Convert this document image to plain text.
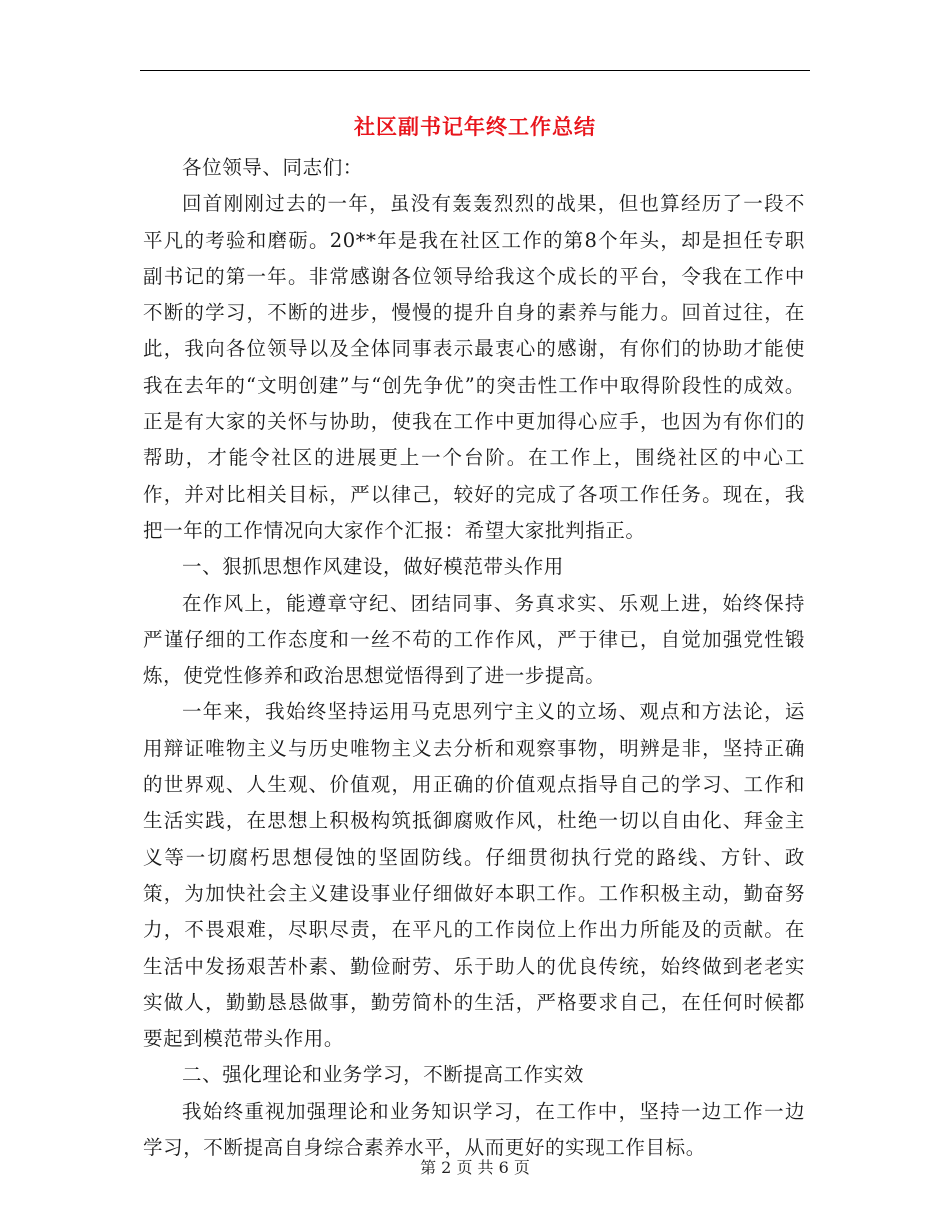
社区副书记年终工作总结

各位领导、同志们：

回首刚刚过去的一年，虽没有轰轰烈烈的战果，但也算经历了一段不平凡的考验和磨砺。20**年是我在社区工作的第8个年头，却是担任专职副书记的第一年。非常感谢各位领导给我这个成长的平台，令我在工作中不断的学习，不断的进步，慢慢的提升自身的素养与能力。回首过往，在此，我向各位领导以及全体同事表示最衷心的感谢，有你们的协助才能使我在去年的“文明创建”与“创先争优”的突击性工作中取得阶段性的成效。正是有大家的关怀与协助，使我在工作中更加得心应手，也因为有你们的帮助，才能令社区的进展更上一个台阶。在工作上，围绕社区的中心工作，并对比相关目标，严以律己，较好的完成了各项工作任务。现在，我把一年的工作情况向大家作个汇报：希望大家批判指正。

一、狠抓思想作风建设，做好模范带头作用

在作风上，能遵章守纪、团结同事、务真求实、乐观上进，始终保持严谨仔细的工作态度和一丝不苟的工作作风，严于律已，自觉加强党性锻炼，使党性修养和政治思想觉悟得到了进一步提高。

一年来，我始终坚持运用马克思列宁主义的立场、观点和方法论，运用辩证唯物主义与历史唯物主义去分析和观察事物，明辨是非，坚持正确的世界观、人生观、价值观，用正确的价值观点指导自己的学习、工作和生活实践，在思想上积极构筑抵御腐败作风，杜绝一切以自由化、拜金主义等一切腐朽思想侵蚀的坚固防线。仔细贯彻执行党的路线、方针、政策，为加快社会主义建设事业仔细做好本职工作。工作积极主动，勤奋努力，不畏艰难，尽职尽责，在平凡的工作岗位上作出力所能及的贡献。在生活中发扬艰苦朴素、勤俭耐劳、乐于助人的优良传统，始终做到老老实实做人，勤勤恳恳做事，勤劳简朴的生活，严格要求自己，在任何时候都要起到模范带头作用。

二、强化理论和业务学习，不断提高工作实效

我始终重视加强理论和业务知识学习，在工作中，坚持一边工作一边学习，不断提高自身综合素养水平，从而更好的实现工作目标。

第 2 页 共 6 页
